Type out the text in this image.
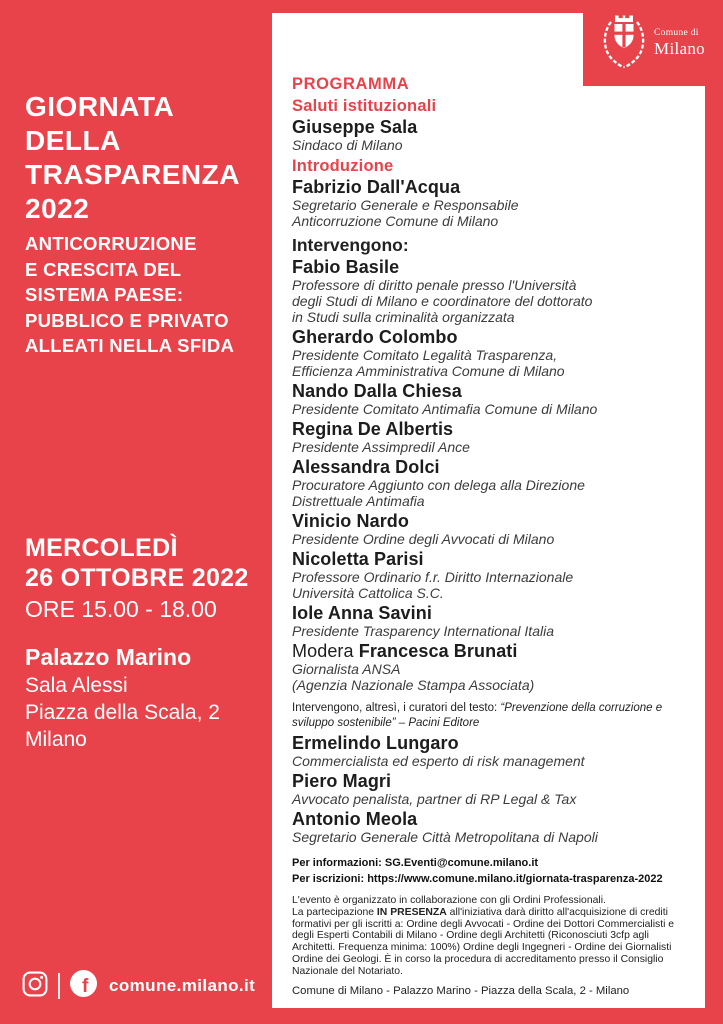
GIORNATA
DELLA
TRASPARENZA
2022
ANTICORRUZIONE
E CRESCITA DEL
SISTEMA PAESE:
PUBBLICO E PRIVATO
ALLEATI NELLA SFIDA
MERCOLEDÌ
26 OTTOBRE 2022
ORE 15.00 - 18.00
Palazzo Marino
Sala Alessi
Piazza della Scala, 2
Milano
f comune.milano.it
PROGRAMMA
Saluti istituzionali
Giuseppe Sala
Sindaco di Milano
Introduzione
Fabrizio Dall'Acqua
Segretario Generale e Responsabile
Anticorruzione Comune di Milano
Intervengono:
Fabio Basile
Professore di diritto penale presso l'Università
degli Studi di Milano e coordinatore del dottorato
in Studi sulla criminalità organizzata
Gherardo Colombo
Presidente Comitato Legalità Trasparenza,
Efficienza Amministrativa Comune di Milano
Nando Dalla Chiesa
Presidente Comitato Antimafia Comune di Milano
Regina De Albertis
Presidente Assimpredil Ance
Alessandra Dolci
Procuratore Aggiunto con delega alla Direzione
Distrettuale Antimafia
Vinicio Nardo
Presidente Ordine degli Avvocati di Milano
Nicoletta Parisi
Professore Ordinario f.r. Diritto Internazionale
Università Cattolica S.C.
Iole Anna Savini
Presidente Trasparency International Italia
Modera Francesca Brunati
Giornalista ANSA
(Agenzia Nazionale Stampa Associata)
Intervengono, altresì, i curatori del testo: “Prevenzione della corruzione e sviluppo sostenibile” – Pacini Editore
Ermelindo Lungaro
Commercialista ed esperto di risk management
Piero Magri
Avvocato penalista, partner di RP Legal & Tax
Antonio Meola
Segretario Generale Città Metropolitana di Napoli
Per informazioni: SG.Eventi@comune.milano.it
Per iscrizioni: https://www.comune.milano.it/giornata-trasparenza-2022
L'evento è organizzato in collaborazione con gli Ordini Professionali.
La partecipazione IN PRESENZA all'iniziativa darà diritto all'acquisizione di crediti formativi per gli iscritti a: Ordine degli Avvocati - Ordine dei Dottori Commercialisti e degli Esperti Contabili di Milano - Ordine degli Architetti (Riconosciuti 3cfp agli Architetti. Frequenza minima: 100%) Ordine degli Ingegneri - Ordine dei Giornalisti Ordine dei Geologi. È in corso la procedura di accreditamento presso il Consiglio Nazionale del Notariato.
Comune di Milano - Palazzo Marino - Piazza della Scala, 2 - Milano
Comune di
Milano
